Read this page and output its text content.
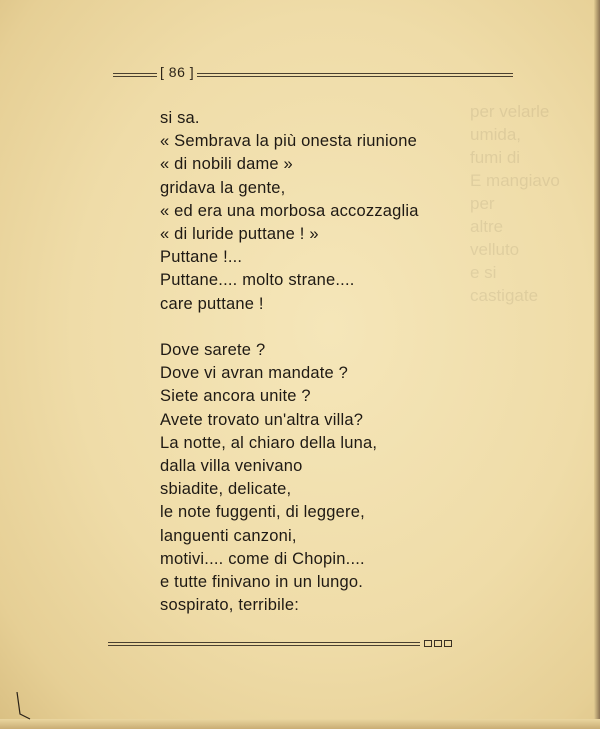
per velarle
umida,
fumi di
E mangiavo
per
altre
velluto
e si
castigate
[ 86 ]
si sa.
« Sembrava la più onesta riunione
« di nobili dame »
gridava la gente,
« ed era una morbosa accozzaglia
« di luride puttane ! »
Puttane !...
Puttane.... molto strane....
care puttane !
Dove sarete ?
Dove vi avran mandate ?
Siete ancora unite ?
Avete trovato un'altra villa?
La notte, al chiaro della luna,
dalla villa venivano
sbiadite, delicate,
le note fuggenti, di leggere,
languenti canzoni,
motivi.... come di Chopin....
e tutte finivano in un lungo.
sospirato, terribile:
